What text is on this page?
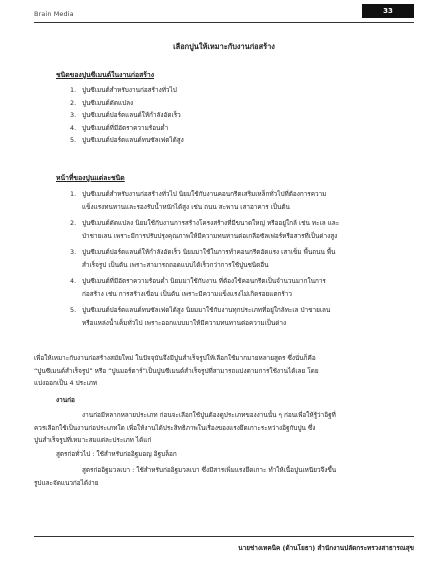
Brain Media	33
เลือกปูนให้เหมาะกับงานก่อสร้าง
ชนิดของปูนซีเมนต์ในงานก่อสร้าง
1. ปูนซีเมนต์สำหรับงานก่อสร้างทั่วไป
2. ปูนซีเมนต์ดัดแปลง
3. ปูนซีเมนต์ปอร์ตแลนด์ให้กำลังอัดเร็ว
4. ปูนซีเมนต์ที่มีอัตราความร้อนต่ำ
5. ปูนซีเมนต์ปอร์ตแลนด์ทนซัลเฟตได้สูง
หน้าที่ของปูนแต่ละชนิด
1. ปูนซีเมนต์สำหรับงานก่อสร้างทั่วไป นิยมใช้กับงานคอนกรีตเสริมเหล็กทั่วไปที่ต้องการความ
แข็งแรงทนทานและรองรับน้ำหนักได้สูง เช่น ถนน สะพาน เสาอาคาร เป็นต้น
2. ปูนซีเมนต์ดัดแปลง นิยมใช้กับงานการสร้างโครงสร้างที่มีขนาดใหญ่ หรืออยู่ใกล้ เช่น ทะเล และ
ป่าชายเลน เพราะมีการปรับปรุงคุณภาพให้มีความทนทานต่อเกลือซัลเฟอร์หรือสารที่เป็นด่างสูง
3. ปูนซีเมนต์ปอร์ตแลนด์ให้กำลังอัดเร็ว นิยมมาใช้ในการทำคอนกรีตอัดแรง เสาเข็ม พื้นถนน พื้น
สำเร็จรูป เป็นต้น เพราะสามารถถอดแบบได้เร็วกว่าการใช้ปูนชนิดอื่น
4. ปูนซีเมนต์ที่มีอัตราความร้อนต่ำ นิยมมาใช้กับงาน ที่ต้องใช้คอนกรีตเป็นจำนวนมากในการ
ก่อสร้าง เช่น การสร้างเขื่อน เป็นต้น เพราะมีความแข็งแรงไม่เกิดรอยแตกร้าว
5. ปูนซีเมนต์ปอร์ตแลนด์ทนซัลเฟตได้สูง นิยมมาใช้กับงานทุกประเภทที่อยู่ใกล้ทะเล ป่าชายเลน
หรือแหล่งน้ำเค็มทั่วไป เพราะออกแบบมาให้มีความทนทานต่อความเป็นด่าง
เพื่อให้เหมาะกับงานก่อสร้างสมัยใหม่ ในปัจจุบันจึงมีปูนสำเร็จรูปให้เลือกใช้มากมายหลายสูตร ซึ่งนั่นก็คือ
“ปูนซีเมนต์สำเร็จรูป” หรือ “ปูนมอร์ตาร์”เป็นปูนซีเมนต์สำเร็จรูปที่สามารถแบ่งตามการใช้งานได้เลย โดย
แบ่งออกเป็น 4 ประเภท
งานก่อ
งานก่อมีหลากหลายประเภท ก่อนจะเลือกใช้ปูนต้องดูประเภทของงานนั้น ๆ ก่อนเพื่อให้รู้ว่าอิฐที่
ควรเลือกใช้เป็นงานก่อประเภทใด เพื่อให้งานได้ประสิทธิภาพในเรื่องของแรงยึดเกาะระหว่างอิฐกับปูน ซึ่ง
ปูนสำเร็จรูปที่เหมาะสมแต่ละประเภท ได้แก่
สูตรก่อทั่วไป : ใช้สำหรับก่ออิฐมอญ อิฐบล็อก
สูตรก่ออิฐมวลเบา : ใช้สำหรับก่ออิฐมวลเบา ซึ่งมีสารเพิ่มแรงยึดเกาะ ทำให้เนื้อปูนเหนียวจึงขึ้น
รูปและจัดแนวก่อได้ง่าย
นายช่างเทคนิค (ด้านโยธา) สำนักงานปลัดกระทรวงสาธารณสุข
